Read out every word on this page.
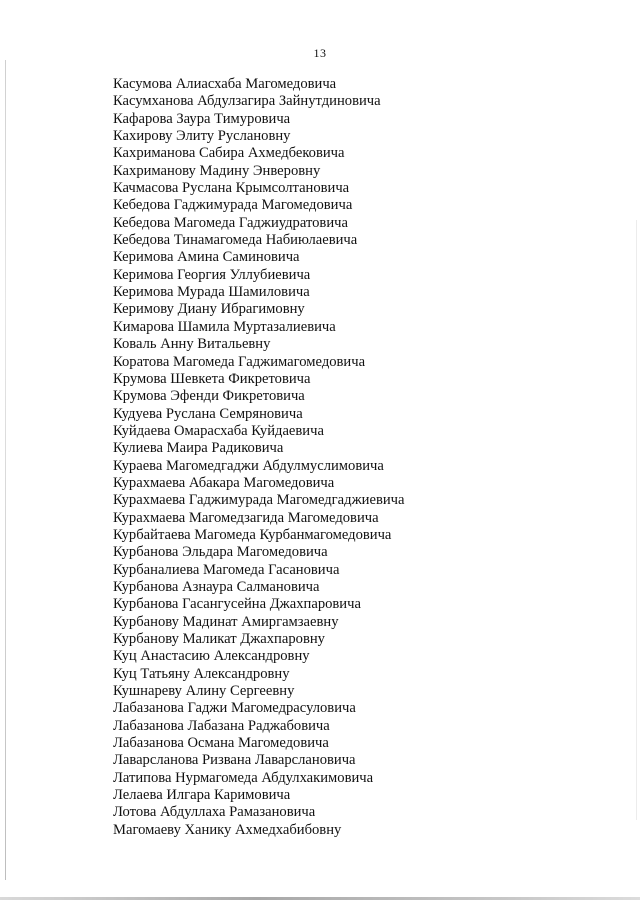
13
Касумова Алиасхаба Магомедовича
Касумханова Абдулзагира Зайнутдиновича
Кафарова Заура Тимуровича
Кахирову Элиту Руслановну
Кахриманова Сабира Ахмедбековича
Кахриманову Мадину Энверовну
Качмасова Руслана Крымсолтановича
Кебедова Гаджимурада Магомедовича
Кебедова Магомеда Гаджиудратовича
Кебедова Тинамагомеда Набиюлаевича
Керимова Амина Саминовича
Керимова Георгия Уллубиевича
Керимова Мурада Шамиловича
Керимову Диану Ибрагимовну
Кимарова Шамила Муртазалиевича
Коваль Анну Витальевну
Коратова Магомеда Гаджимагомедовича
Крумова Шевкета Фикретовича
Крумова Эфенди Фикретовича
Кудуева Руслана Семряновича
Куйдаева Омарасхаба Куйдаевича
Кулиева Маира Радиковича
Кураева Магомедгаджи Абдулмуслимовича
Курахмаева Абакара Магомедовича
Курахмаева Гаджимурада Магомедгаджиевича
Курахмаева Магомедзагида Магомедовича
Курбайтаева Магомеда Курбанмагомедовича
Курбанова Эльдара Магомедовича
Курбаналиева Магомеда Гасановича
Курбанова Азнаура Салмановича
Курбанова Гасангусейна Джахпаровича
Курбанову Мадинат Амиргамзаевну
Курбанову Маликат Джахпаровну
Куц Анастасию Александровну
Куц Татьяну Александровну
Кушнареву Алину Сергеевну
Лабазанова Гаджи Магомедрасуловича
Лабазанова Лабазана Раджабовича
Лабазанова Османа Магомедовича
Лаварсланова Ризвана Лаварслановича
Латипова Нурмагомеда Абдулхакимовича
Лелаева Илгара Каримовича
Лотова Абдуллаха Рамазановича
Магомаеву Ханику Ахмедхабибовну
